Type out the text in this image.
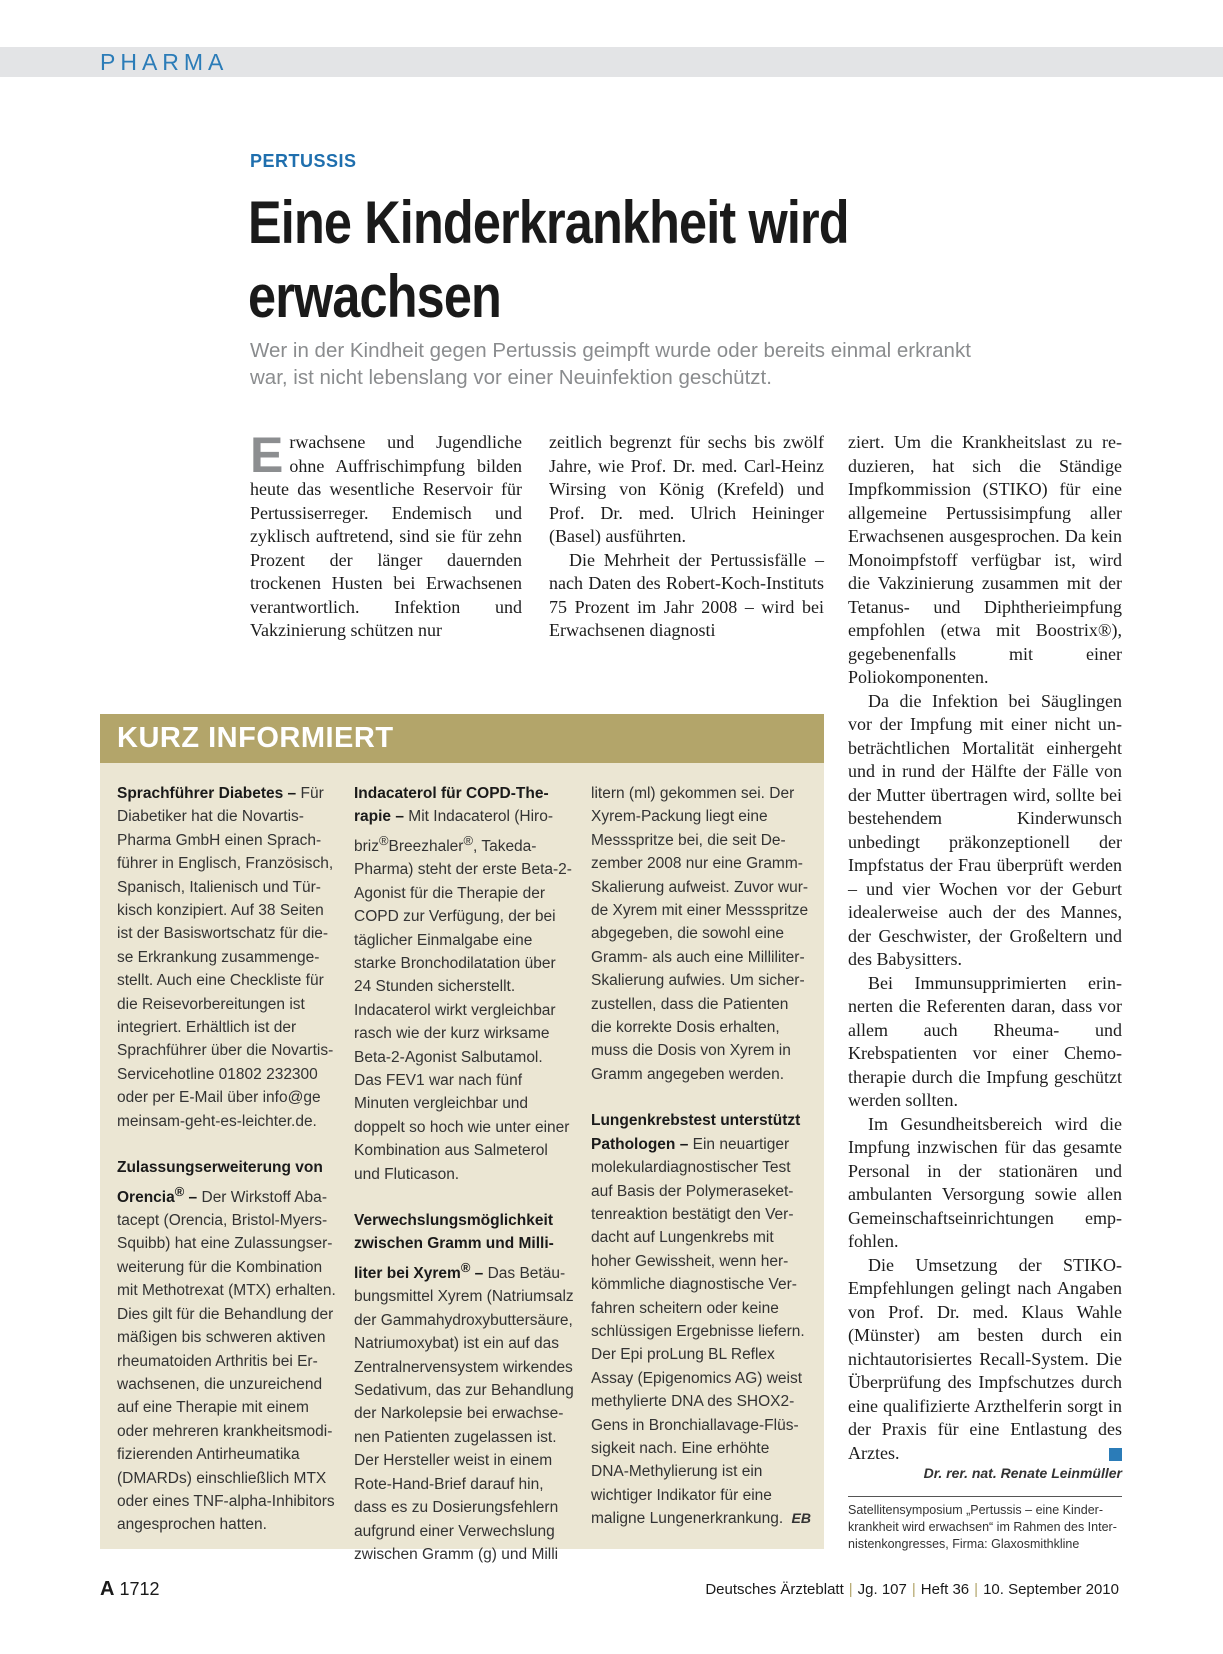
PHARMA
PERTUSSIS
Eine Kinderkrankheit wird erwachsen
Wer in der Kindheit gegen Pertussis geimpft wurde oder bereits einmal erkrankt war, ist nicht lebenslang vor einer Neuinfektion geschützt.

Erwachsene und Jugendliche ohne Auffrischimpfung bilden heute das wesentliche Reservoir für Pertussiserreger. Endemisch und zyklisch auftretend, sind sie für zehn Prozent der länger dauernden trockenen Husten bei Erwachsenen verantwortlich. Infektion und Vakzinierung schützen nur

zeitlich begrenzt für sechs bis zwölf Jahre, wie Prof. Dr. med. Carl-Heinz Wirsing von König (Krefeld) und Prof. Dr. med. Ulrich Heininger (Basel) ausführten.

Die Mehrheit der Pertussisfälle – nach Daten des Robert-Koch-Instituts 75 Prozent im Jahr 2008 – wird bei Erwachsenen diagnosti

ziert. Um die Krankheitslast zu reduzieren, hat sich die Ständige Impfkommission (STIKO) für eine allgemeine Pertussisimpfung aller Erwachsenen ausgesprochen. Da kein Monoimpfstoff verfügbar ist, wird die Vakzinierung zusammen mit der Tetanus- und Diphtherieimpfung empfohlen (etwa mit Boostrix®), gegebenenfalls mit einer Poliokomponenten.

Da die Infektion bei Säuglingen vor der Impfung mit einer nicht unbeträchtlichen Mortalität einhergeht und in rund der Hälfte der Fälle von der Mutter übertragen wird, sollte bei bestehendem Kinderwunsch unbedingt präkonzeptionell der Impfstatus der Frau überprüft werden – und vier Wochen vor der Geburt idealerweise auch der des Mannes, der Geschwister, der Großeltern und des Babysitters.

Bei Immunsupprimierten erinnerten die Referenten daran, dass vor allem auch Rheuma- und Krebspatienten vor einer Chemotherapie durch die Impfung geschützt werden sollten.

Im Gesundheitsbereich wird die Impfung inzwischen für das gesamte Personal in der stationären und ambulanten Versorgung sowie allen Gemeinschaftseinrichtungen empfohlen.

Die Umsetzung der STIKO-Empfehlungen gelingt nach Angaben von Prof. Dr. med. Klaus Wahle (Münster) am besten durch ein nichtautorisiertes Recall-System. Die Überprüfung des Impfschutzes durch eine qualifizierte Arzthelferin sorgt in der Praxis für eine Entlastung des Arztes.

Dr. rer. nat. Renate Leinmüller
Satellitensymposium „Pertussis – eine Kinderkrankheit wird erwachsen“ im Rahmen des Internistenkongresses, Firma: Glaxosmithkline
KURZ INFORMIERT
Sprachführer Diabetes – Für Diabetiker hat die Novartis-Pharma GmbH einen Sprachführer in Englisch, Französisch, Spanisch, Italienisch und Türkisch konzipiert. Auf 38 Seiten ist der Basiswortschatz für diese Erkrankung zusammengestellt. Auch eine Checkliste für die Reisevorbereitungen ist integriert. Erhältlich ist der Sprachführer über die Novartis-Servicehotline 01802 232300 oder per E-Mail über info@ge meinsam-geht-es-leichter.de.
Zulassungserweiterung von Orencia® – Der Wirkstoff Abatacept (Orencia, Bristol-Myers-Squibb) hat eine Zulassungserweiterung für die Kombination mit Methotrexat (MTX) erhalten. Dies gilt für die Behandlung der mäßigen bis schweren aktiven rheumatoiden Arthritis bei Erwachsenen, die unzureichend auf eine Therapie mit einem oder mehreren krankheitsmodifizierenden Antirheumatika (DMARDs) einschließlich MTX oder eines TNF-alpha-Inhibitors angesprochen hatten.
Indacaterol für COPD-Therapie – Mit Indacaterol (Hirobriz®Breezhaler®, Takeda-Pharma) steht der erste Beta-2-Agonist für die Therapie der COPD zur Verfügung, der bei täglicher Einmalgabe eine starke Bronchodilatation über 24 Stunden sicherstellt. Indacaterol wirkt vergleichbar rasch wie der kurz wirksame Beta-2-Agonist Salbutamol. Das FEV1 war nach fünf Minuten vergleichbar und doppelt so hoch wie unter einer Kombination aus Salmeterol und Fluticason.
Verwechslungsmöglichkeit zwischen Gramm und Milliliter bei Xyrem® – Das Betäubungsmittel Xyrem (Natriumsalz der Gammahydroxybuttersäure, Natriumoxybat) ist ein auf das Zentralnervensystem wirkendes Sedativum, das zur Behandlung der Narkolepsie bei erwachsenen Patienten zugelassen ist. Der Hersteller weist in einem Rote-Hand-Brief darauf hin, dass es zu Dosierungsfehlern aufgrund einer Verwechslung zwischen Gramm (g) und Milli
litern (ml) gekommen sei. Der Xyrem-Packung liegt eine Messspritze bei, die seit Dezember 2008 nur eine Gramm-Skalierung aufweist. Zuvor wurde Xyrem mit einer Messspritze abgegeben, die sowohl eine Gramm- als auch eine Milliliter-Skalierung aufwies. Um sicherzustellen, dass die Patienten die korrekte Dosis erhalten, muss die Dosis von Xyrem in Gramm angegeben werden.
Lungenkrebstest unterstützt Pathologen – Ein neuartiger molekulardiagnostischer Test auf Basis der Polymerasekettenreaktion bestätigt den Verdacht auf Lungenkrebs mit hoher Gewissheit, wenn herkömmliche diagnostische Verfahren scheitern oder keine schlüssigen Ergebnisse liefern. Der Epi proLung BL Reflex Assay (Epigenomics AG) weist methylierte DNA des SHOX2-Gens in Bronchiallavage-Flüssigkeit nach. Eine erhöhte DNA-Methylierung ist ein wichtiger Indikator für eine maligne Lungenerkrankung. EB
A 1712	Deutsches Ärzteblatt | Jg. 107 | Heft 36 | 10. September 2010
